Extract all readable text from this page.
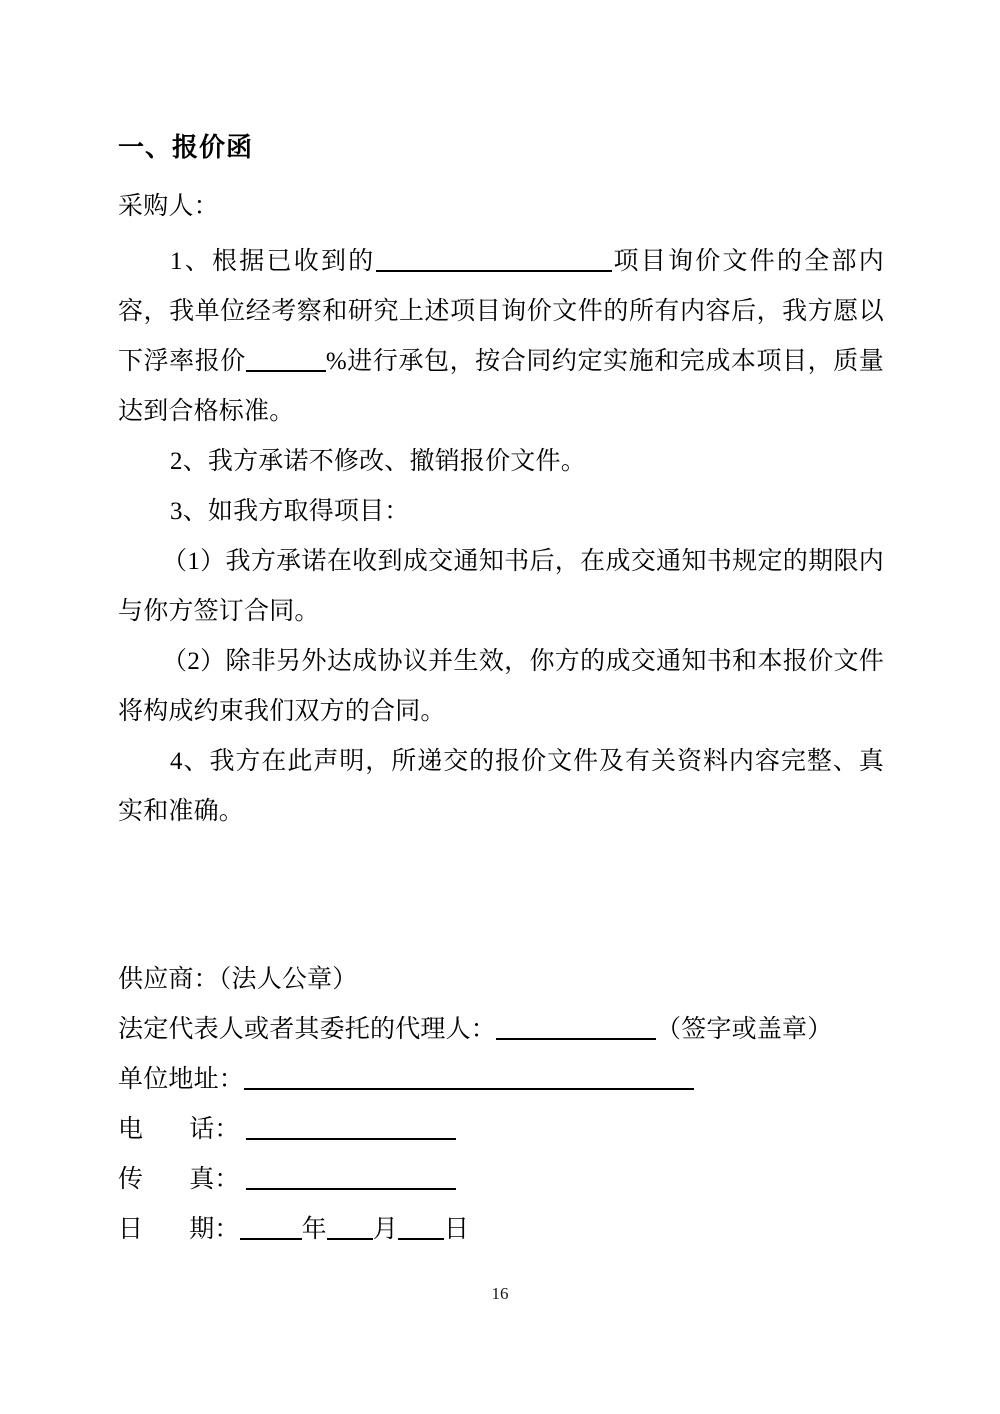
一、报价函

采购人：

1、根据已收到的	项目询价文件的全部内容，我单位经考察和研究上述项目询价文件的所有内容后，我方愿以下浮率报价	%进行承包，按合同约定实施和完成本项目，质量达到合格标准。

2、我方承诺不修改、撤销报价文件。

3、如我方取得项目：

（1）我方承诺在收到成交通知书后，在成交通知书规定的期限内与你方签订合同。

（2）除非另外达成协议并生效，你方的成交通知书和本报价文件将构成约束我们双方的合同。

4、我方在此声明，所递交的报价文件及有关资料内容完整、真实和准确。

供应商：（法人公章）

法定代表人或者其委托的代理人：	（签字或盖章）

单位地址：

电 话：

传 真：

日 期： 年 月 日

16
